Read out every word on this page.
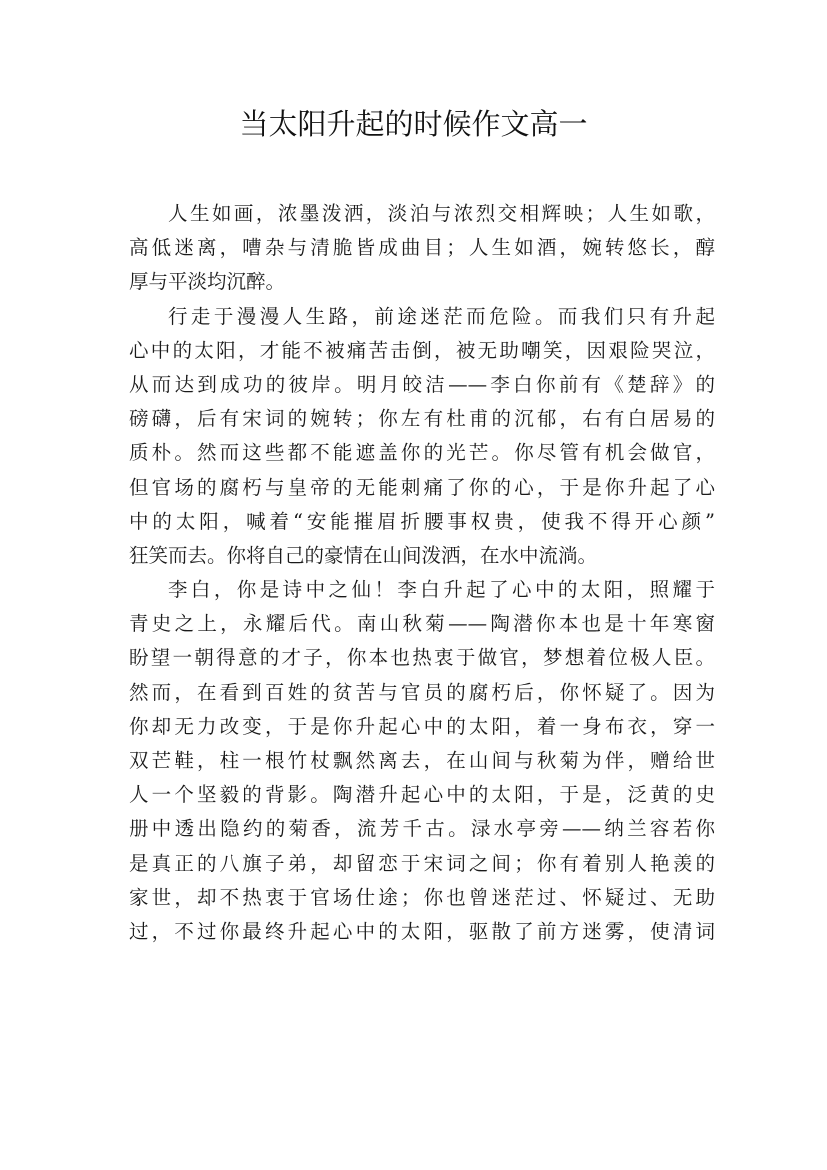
当太阳升起的时候作文高一
人生如画，浓墨泼洒，淡泊与浓烈交相辉映；人生如歌，
高低迷离，嘈杂与清脆皆成曲目；人生如酒，婉转悠长，醇
厚与平淡均沉醉。
行走于漫漫人生路，前途迷茫而危险。而我们只有升起
心中的太阳，才能不被痛苦击倒，被无助嘲笑，因艰险哭泣，
从而达到成功的彼岸。明月皎洁——李白你前有《楚辞》的
磅礴，后有宋词的婉转；你左有杜甫的沉郁，右有白居易的
质朴。然而这些都不能遮盖你的光芒。你尽管有机会做官，
但官场的腐朽与皇帝的无能刺痛了你的心，于是你升起了心
中的太阳，喊着“安能摧眉折腰事权贵，使我不得开心颜”
狂笑而去。你将自己的豪情在山间泼洒，在水中流淌。
李白，你是诗中之仙！李白升起了心中的太阳，照耀于
青史之上，永耀后代。南山秋菊——陶潜你本也是十年寒窗
盼望一朝得意的才子，你本也热衷于做官，梦想着位极人臣。
然而，在看到百姓的贫苦与官员的腐朽后，你怀疑了。因为
你却无力改变，于是你升起心中的太阳，着一身布衣，穿一
双芒鞋，柱一根竹杖飘然离去，在山间与秋菊为伴，赠给世
人一个坚毅的背影。陶潜升起心中的太阳，于是，泛黄的史
册中透出隐约的菊香，流芳千古。渌水亭旁——纳兰容若你
是真正的八旗子弟，却留恋于宋词之间；你有着别人艳羡的
家世，却不热衷于官场仕途；你也曾迷茫过、怀疑过、无助
过，不过你最终升起心中的太阳，驱散了前方迷雾，使清词
